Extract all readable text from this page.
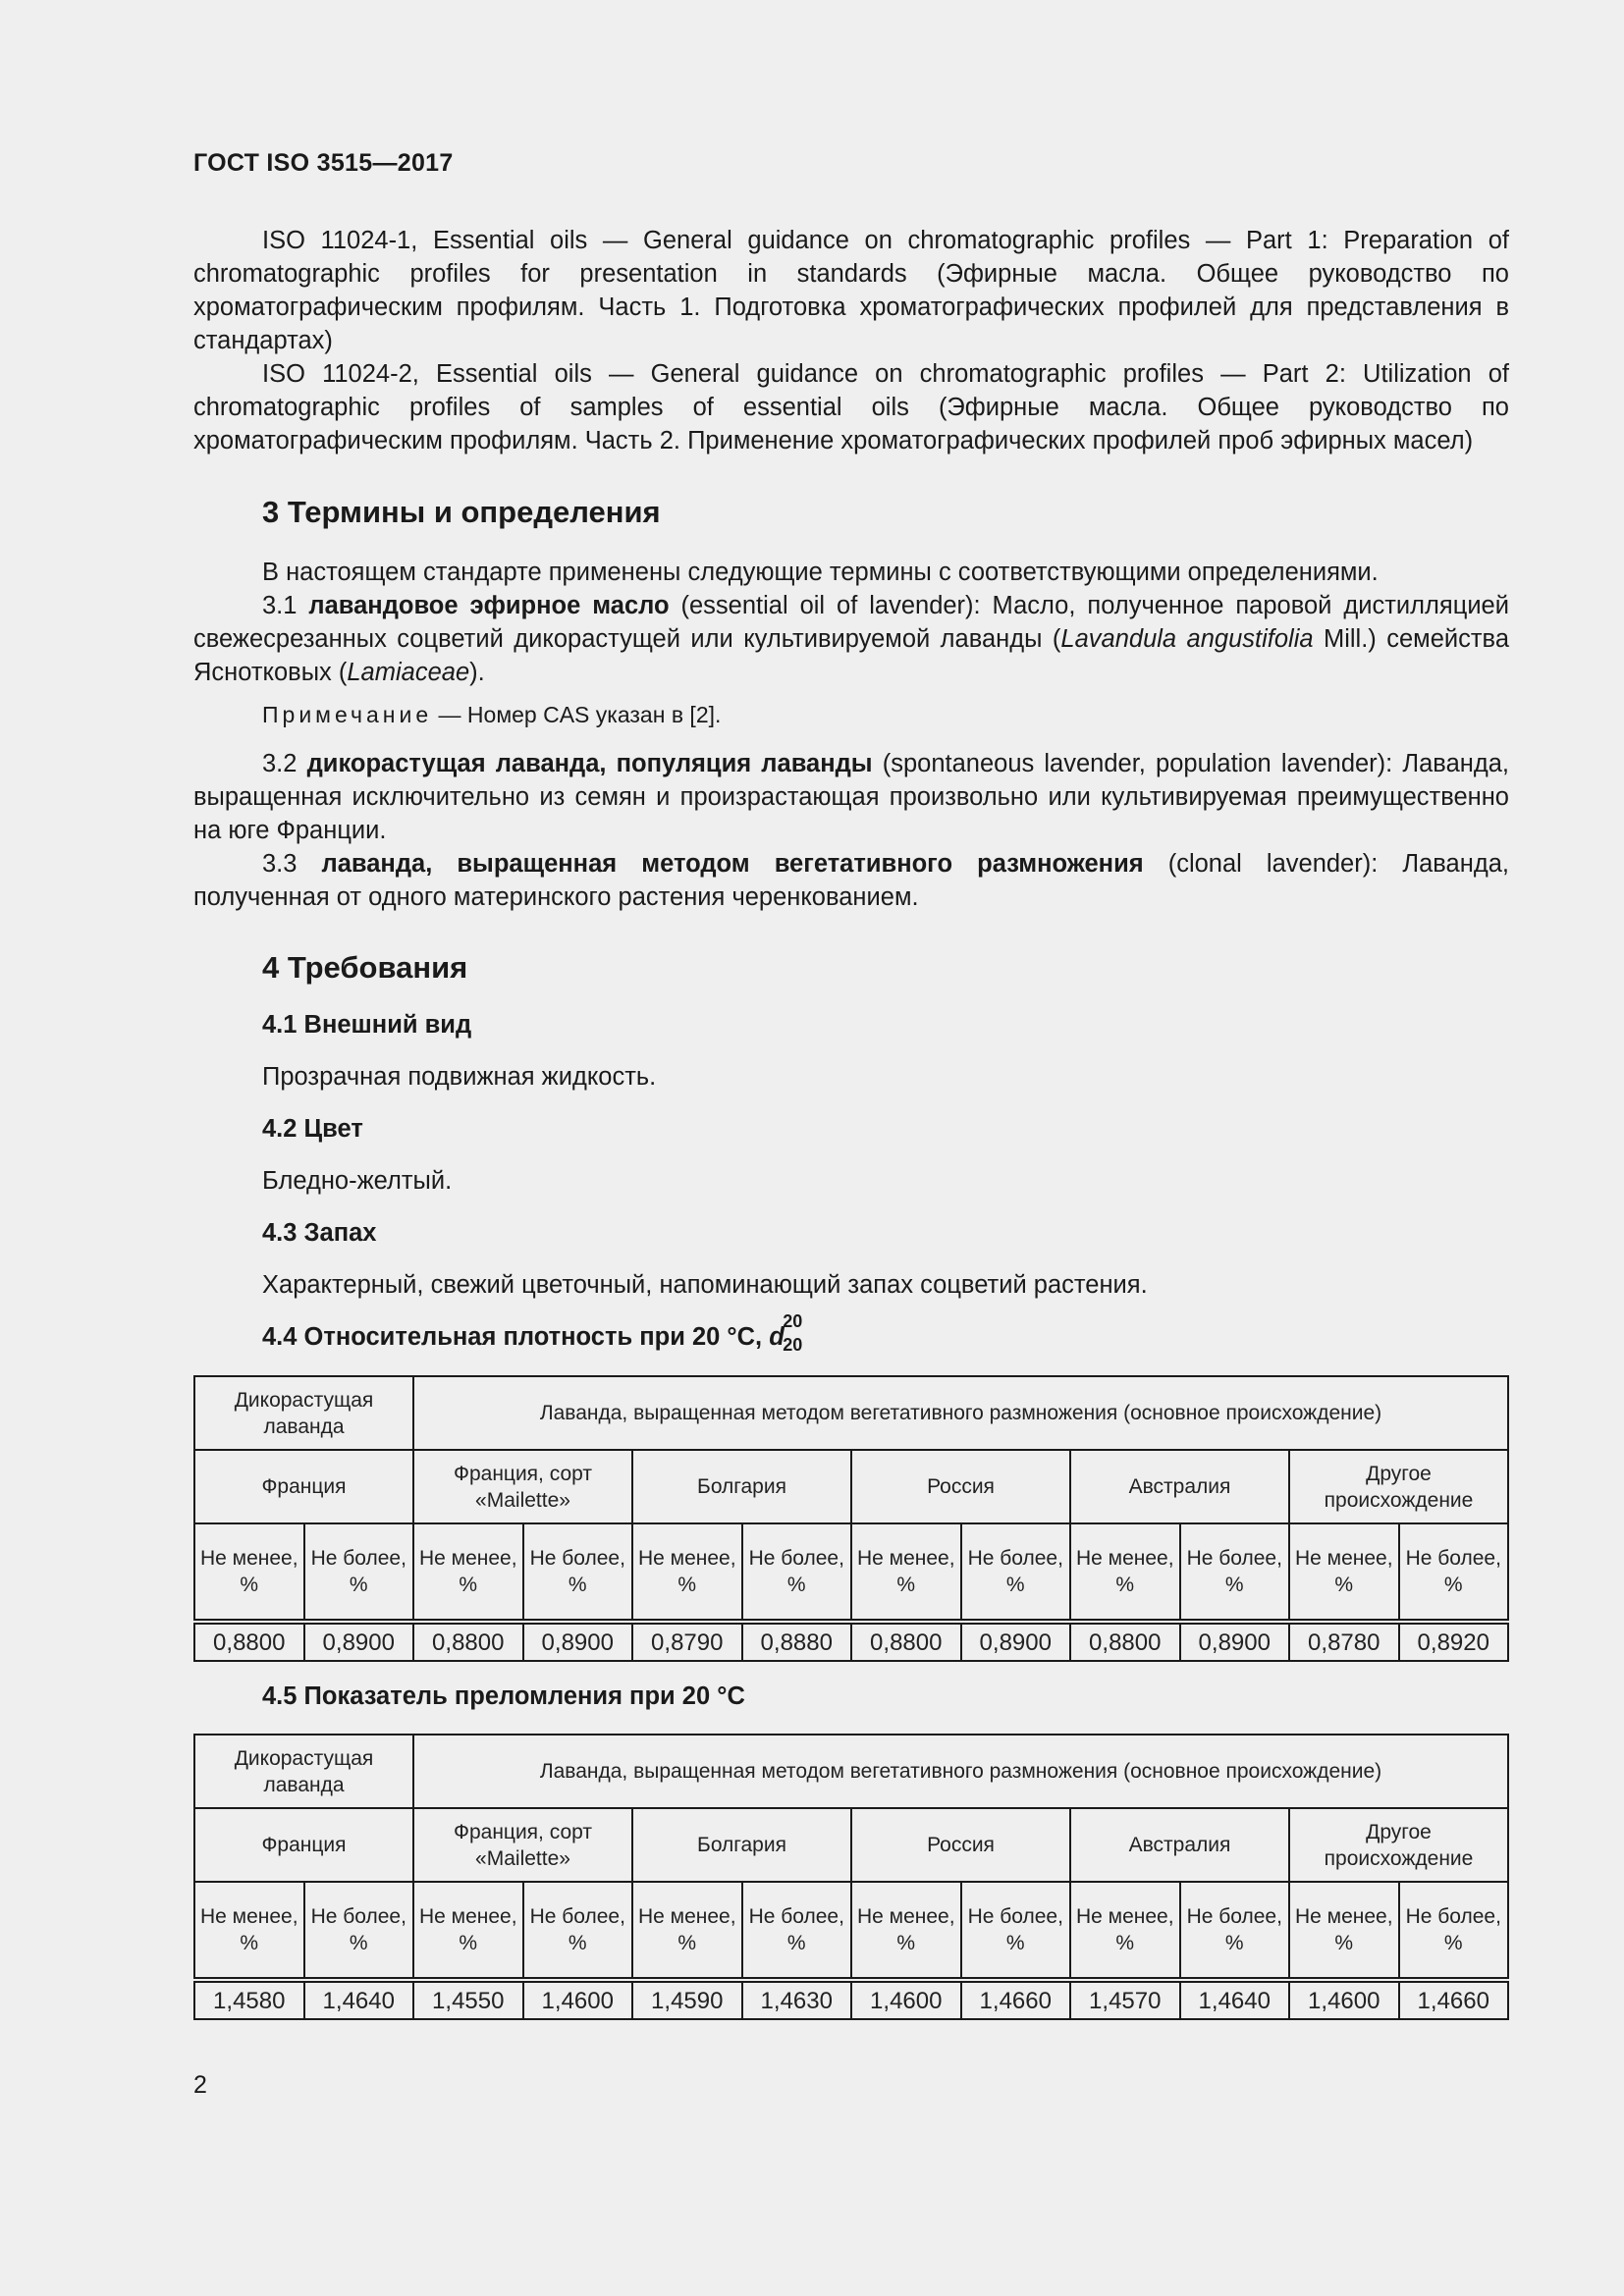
ГОСТ ISO 3515—2017

ISO 11024-1, Essential oils — General guidance on chromatographic profiles — Part 1: Preparation of chromatographic profiles for presentation in standards (Эфирные масла. Общее руководство по хроматографическим профилям. Часть 1. Подготовка хроматографических профилей для представления в стандартах)

ISO 11024-2, Essential oils — General guidance on chromatographic profiles — Part 2: Utilization of chromatographic profiles of samples of essential oils (Эфирные масла. Общее руководство по хроматографическим профилям. Часть 2. Применение хроматографических профилей проб эфирных масел)

3 Термины и определения

В настоящем стандарте применены следующие термины с соответствующими определениями.

3.1 лавандовое эфирное масло (essential oil of lavender): Масло, полученное паровой дистилляцией свежесрезанных соцветий дикорастущей или культивируемой лаванды (Lavandula angustifolia Mill.) семейства Яснотковых (Lamiaceae).

Примечание — Номер CAS указан в [2].

3.2 дикорастущая лаванда, популяция лаванды (spontaneous lavender, population lavender): Лаванда, выращенная исключительно из семян и произрастающая произвольно или культивируемая преимущественно на юге Франции.

3.3 лаванда, выращенная методом вегетативного размножения (clonal lavender): Лаванда, полученная от одного материнского растения черенкованием.

4 Требования
4.1 Внешний вид

Прозрачная подвижная жидкость.

4.2 Цвет

Бледно-желтый.

4.3 Запах

Характерный, свежий цветочный, напоминающий запах соцветий растения.

4.4 Относительная плотность при 20 °С, d
20
20
Дикорастущая лаванда		Лаванда, выращенная методом вегетативного размножения (основное происхождение)									
Франция		Франция, сорт «Mailette»		Болгария		Россия		Австралия		Другое происхождение	
Не менее, %	Не более, %	Не менее, %	Не более, %	Не менее, %	Не более, %	Не менее, %	Не более, %	Не менее, %	Не более, %	Не менее, %	Не более, %
0,8800	0,8900	0,8800	0,8900	0,8790	0,8880	0,8800	0,8900	0,8800	0,8900	0,8780	0,8920
4.5 Показатель преломления при 20 °С
Дикорастущая лаванда		Лаванда, выращенная методом вегетативного размножения (основное происхождение)									
Франция		Франция, сорт «Mailette»		Болгария		Россия		Австралия		Другое происхождение	
Не менее, %	Не более, %	Не менее, %	Не более, %	Не менее, %	Не более, %	Не менее, %	Не более, %	Не менее, %	Не более, %	Не менее, %	Не более, %
1,4580	1,4640	1,4550	1,4600	1,4590	1,4630	1,4600	1,4660	1,4570	1,4640	1,4600	1,4660
2
